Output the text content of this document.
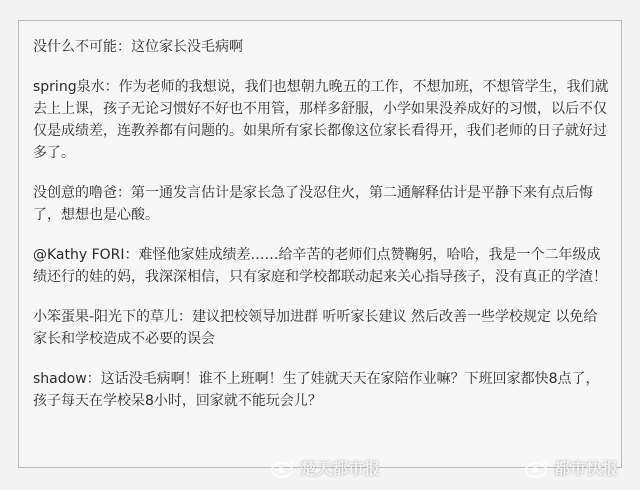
没什么不可能：这位家长没毛病啊

spring泉水：作为老师的我想说，我们也想朝九晚五的工作，不想加班，不想管学生，我们就去上上课，孩子无论习惯好不好也不用管，那样多舒服，小学如果没养成好的习惯，以后不仅仅是成绩差，连教养都有问题的。如果所有家长都像这位家长看得开，我们老师的日子就好过多了。

没创意的噜爸：第一通发言估计是家长急了没忍住火，第二通解释估计是平静下来有点后悔了，想想也是心酸。

@Kathy FORI：难怪他家娃成绩差……给辛苦的老师们点赞鞠躬，哈哈，我是一个二年级成绩还行的娃的妈，我深深相信，只有家庭和学校都联动起来关心指导孩子，没有真正的学渣！

小笨蛋果-阳光下的草儿：建议把校领导加进群 听听家长建议 然后改善一些学校规定 以免给家长和学校造成不必要的误会

shadow：这话没毛病啊！谁不上班啊！生了娃就天天在家陪作业嘛？下班回家都快8点了，孩子每天在学校呆8小时，回家就不能玩会儿？

楚天都市报	都市快报
